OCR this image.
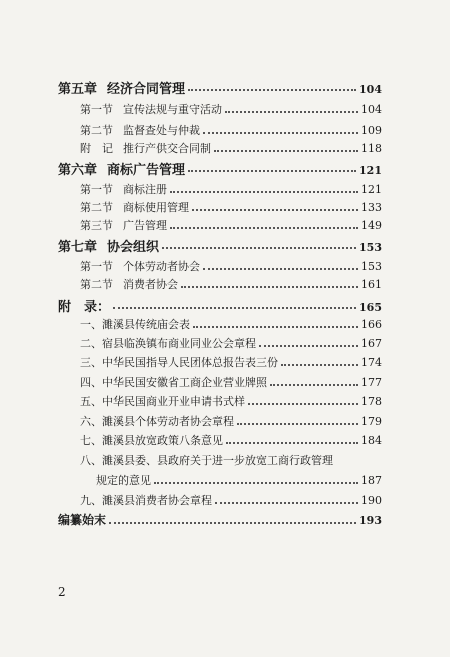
第五章 经济合同管理	104
第一节 宣传法规与重守活动	104
第二节 监督查处与仲裁	109
附　记 推行产供交合同制	118
第六章 商标广告管理	121
第一节 商标注册	121
第二节 商标使用管理	133
第三节 广告管理	149
第七章 协会组织	153
第一节 个体劳动者协会	153
第二节 消费者协会	161
附　录：	165
一、濉溪县传统庙会表	166
二、宿县临涣镇布商业同业公会章程	167
三、中华民国指导人民团体总报告表三份	174
四、中华民国安徽省工商企业营业牌照	177
五、中华民国商业开业申请书式样	178
六、濉溪县个体劳动者协会章程	179
七、濉溪县放宽政策八条意见	184
八、濉溪县委、县政府关于进一步放宽工商行政管理
规定的意见	187
九、濉溪县消费者协会章程	190
编纂始末	193
2
